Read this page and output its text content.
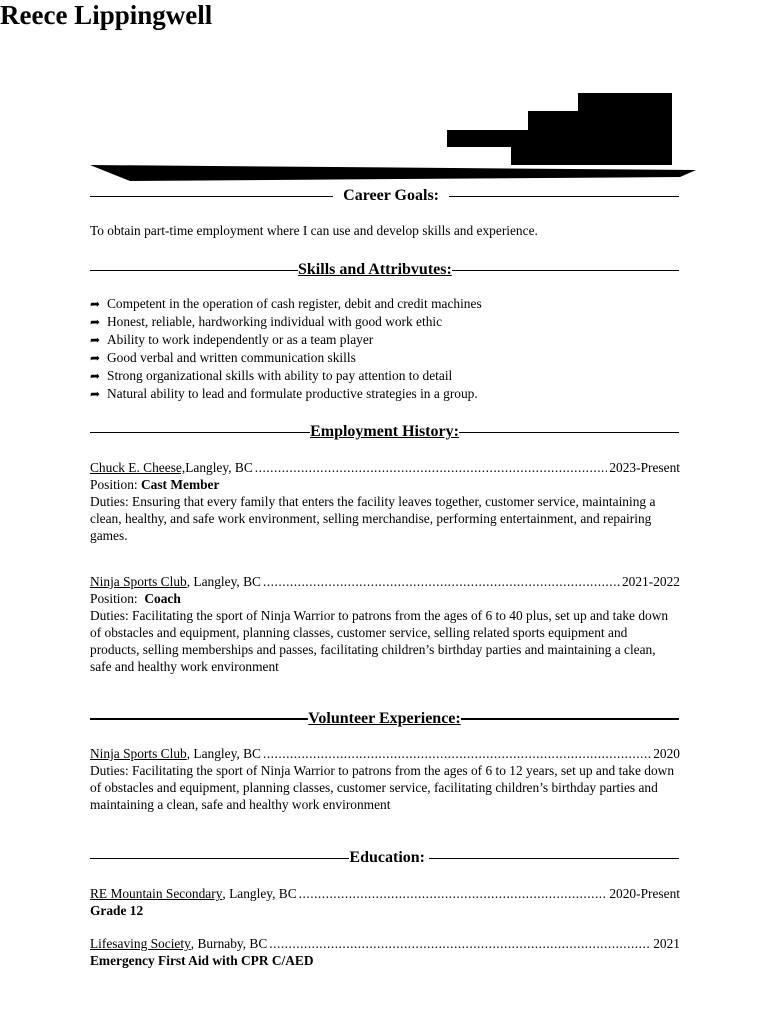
Reece Lippingwell
Career Goals:
To obtain part-time employment where I can use and develop skills and experience.
Skills and Attribvutes:
➦ Competent in the operation of cash register, debit and credit machines
➦ Honest, reliable, hardworking individual with good work ethic
➦ Ability to work independently or as a team player
➦ Good verbal and written communication skills
➦ Strong organizational skills with ability to pay attention to detail
➦ Natural ability to lead and formulate productive strategies in a group.
Employment History:
Chuck E. Cheese, Langley, BC .....	2023-Present
Position: Cast Member
Duties: Ensuring that every family that enters the facility leaves together, customer service, maintaining a clean, healthy, and safe work environment, selling merchandise, performing entertainment, and repairing games.
Ninja Sports Club , Langley, BC .....	2021-2022
Position:  Coach
Duties: Facilitating the sport of Ninja Warrior to patrons from the ages of 6 to 40 plus, set up and take down of obstacles and equipment, planning classes, customer service, selling related sports equipment and products, selling memberships and passes, facilitating children’s birthday parties and maintaining a clean, safe and healthy work environment
Volunteer Experience:
Ninja Sports Club , Langley, BC .....	2020
Duties: Facilitating the sport of Ninja Warrior to patrons from the ages of 6 to 12 years, set up and take down of obstacles and equipment, planning classes, customer service, facilitating children’s birthday parties and maintaining a clean, safe and healthy work environment
Education:
RE Mountain Secondary , Langley, BC .....	2020-Present
Grade 12
Lifesaving Society , Burnaby, BC .....	2021
Emergency First Aid with CPR C/AED
